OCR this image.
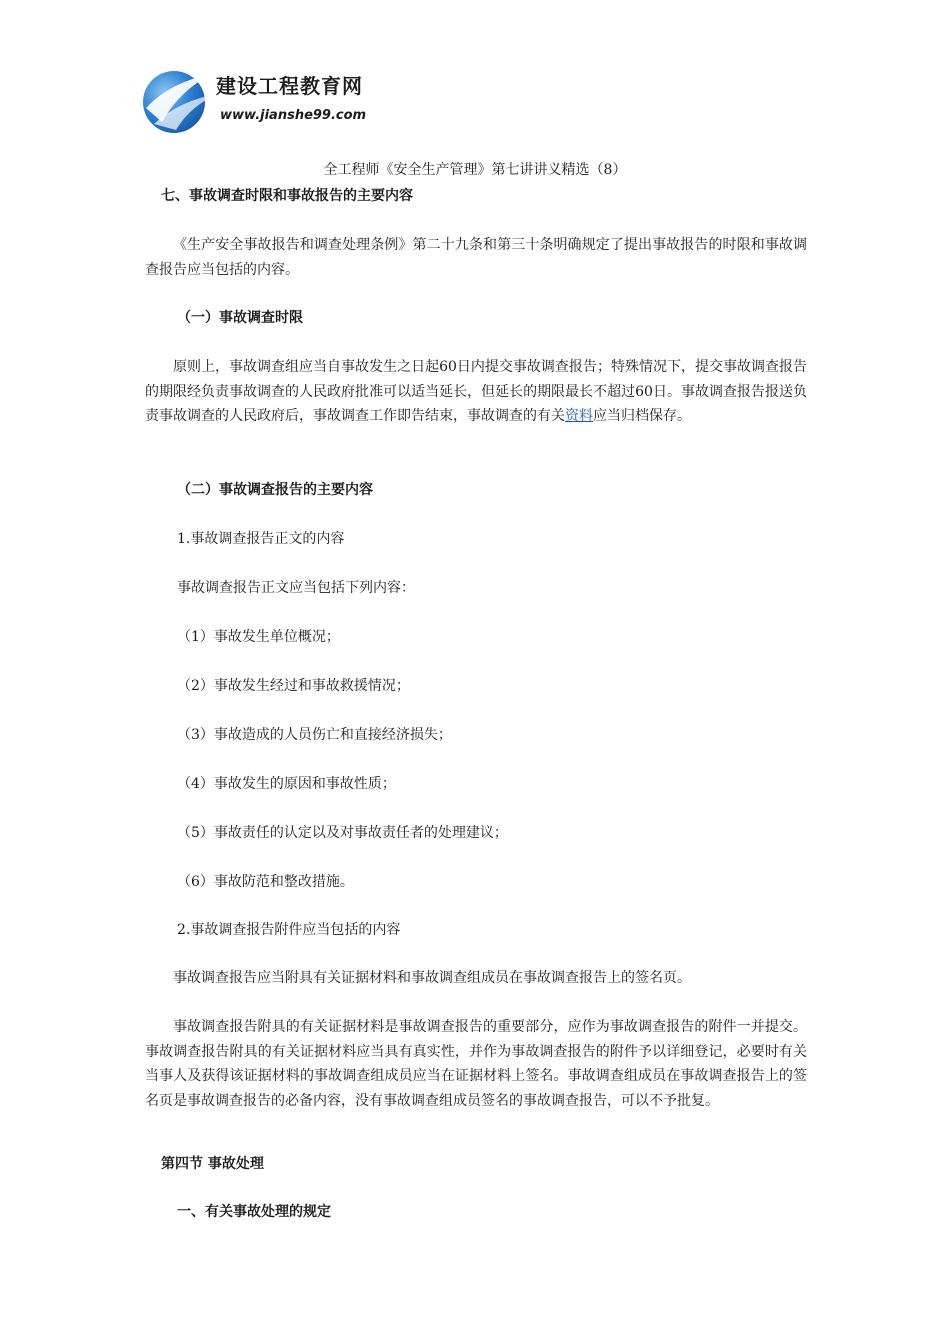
建设工程教育网
www.jianshe99.com
全工程师《安全生产管理》第七讲讲义精选（8）
七、事故调查时限和事故报告的主要内容
《生产安全事故报告和调查处理条例》第二十九条和第三十条明确规定了提出事故报告的时限和事故调查报告应当包括的内容。
（一）事故调查时限
原则上，事故调查组应当自事故发生之日起60日内提交事故调查报告；特殊情况下，提交事故调查报告的期限经负责事故调查的人民政府批准可以适当延长，但延长的期限最长不超过60日。事故调查报告报送负责事故调查的人民政府后，事故调查工作即告结束，事故调查的有关资料应当归档保存。
（二）事故调查报告的主要内容
1.事故调查报告正文的内容
事故调查报告正文应当包括下列内容：
（1）事故发生单位概况；
（2）事故发生经过和事故救援情况；
（3）事故造成的人员伤亡和直接经济损失；
（4）事故发生的原因和事故性质；
（5）事故责任的认定以及对事故责任者的处理建议；
（6）事故防范和整改措施。
2.事故调查报告附件应当包括的内容
事故调查报告应当附具有关证据材料和事故调查组成员在事故调查报告上的签名页。
事故调查报告附具的有关证据材料是事故调查报告的重要部分，应作为事故调查报告的附件一并提交。事故调查报告附具的有关证据材料应当具有真实性，并作为事故调查报告的附件予以详细登记，必要时有关当事人及获得该证据材料的事故调查组成员应当在证据材料上签名。事故调查组成员在事故调查报告上的签名页是事故调查报告的必备内容，没有事故调查组成员签名的事故调查报告，可以不予批复。
第四节 事故处理
一、有关事故处理的规定
